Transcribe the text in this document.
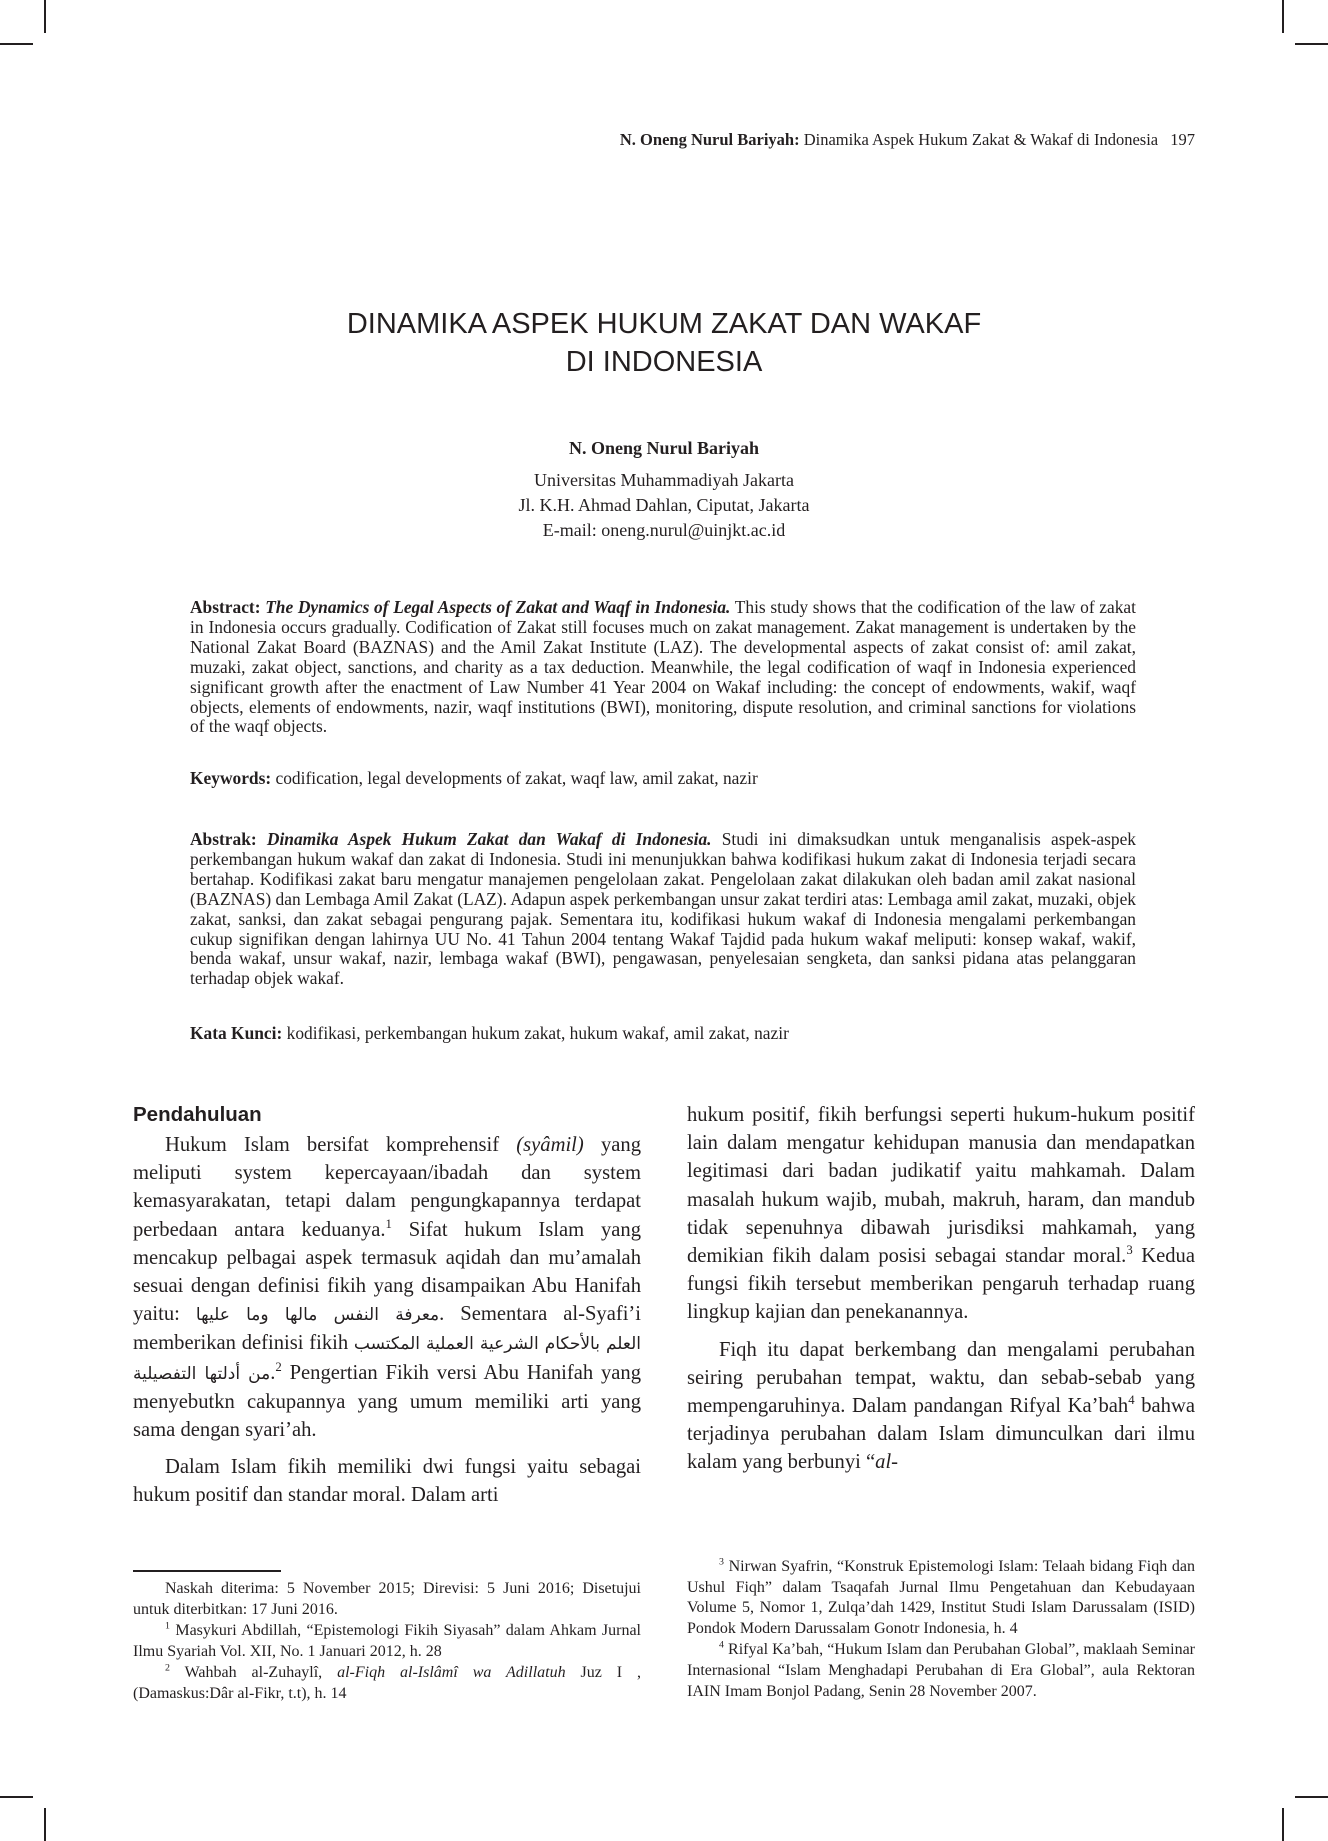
N. Oneng Nurul Bariyah: Dinamika Aspek Hukum Zakat & Wakaf di Indonesia 197
DINAMIKA ASPEK HUKUM ZAKAT DAN WAKAF
DI INDONESIA
N. Oneng Nurul Bariyah
Universitas Muhammadiyah Jakarta
Jl. K.H. Ahmad Dahlan, Ciputat, Jakarta
E-mail: oneng.nurul@uinjkt.ac.id
Abstract: The Dynamics of Legal Aspects of Zakat and Waqf in Indonesia. This study shows that the codification of the law of zakat in Indonesia occurs gradually. Codification of Zakat still focuses much on zakat management. Zakat management is undertaken by the National Zakat Board (BAZNAS) and the Amil Zakat Institute (LAZ). The developmental aspects of zakat consist of: amil zakat, muzaki, zakat object, sanctions, and charity as a tax deduction. Meanwhile, the legal codification of waqf in Indonesia experienced significant growth after the enactment of Law Number 41 Year 2004 on Wakaf including: the concept of endowments, wakif, waqf objects, elements of endowments, nazir, waqf institutions (BWI), monitoring, dispute resolution, and criminal sanctions for violations of the waqf objects.
Keywords: codification, legal developments of zakat, waqf law, amil zakat, nazir
Abstrak: Dinamika Aspek Hukum Zakat dan Wakaf di Indonesia. Studi ini dimaksudkan untuk menganalisis aspek-aspek perkembangan hukum wakaf dan zakat di Indonesia. Studi ini menunjukkan bahwa kodifikasi hukum zakat di Indonesia terjadi secara bertahap. Kodifikasi zakat baru mengatur manajemen pengelolaan zakat. Pengelolaan zakat dilakukan oleh badan amil zakat nasional (BAZNAS) dan Lembaga Amil Zakat (LAZ). Adapun aspek perkembangan unsur zakat terdiri atas: Lembaga amil zakat, muzaki, objek zakat, sanksi, dan zakat sebagai pengurang pajak. Sementara itu, kodifikasi hukum wakaf di Indonesia mengalami perkembangan cukup signifikan dengan lahirnya UU No. 41 Tahun 2004 tentang Wakaf Tajdid pada hukum wakaf meliputi: konsep wakaf, wakif, benda wakaf, unsur wakaf, nazir, lembaga wakaf (BWI), pengawasan, penyelesaian sengketa, dan sanksi pidana atas pelanggaran terhadap objek wakaf.
Kata Kunci: kodifikasi, perkembangan hukum zakat, hukum wakaf, amil zakat, nazir
Pendahuluan

Hukum Islam bersifat komprehensif (syâmil) yang meliputi system kepercayaan/ibadah dan system kemasyarakatan, tetapi dalam pengungkapannya terdapat perbedaan antara keduanya.$^1$ Sifat hukum Islam yang mencakup pelbagai aspek termasuk aqidah dan mu’amalah sesuai dengan definisi fikih yang disampaikan Abu Hanifah yaitu: معرفة النفس مالها وما عليها. Sementara al-Syafi’i memberikan definisi fikih العلم بالأحكام الشرعية العملية المكتسب من أدلتها التفصيلية.$^2$ Pengertian Fikih versi Abu Hanifah yang menyebutkn cakupannya yang umum memiliki arti yang sama dengan syari’ah.

Dalam Islam fikih memiliki dwi fungsi yaitu sebagai hukum positif dan standar moral. Dalam arti

hukum positif, fikih berfungsi seperti hukum-hukum positif lain dalam mengatur kehidupan manusia dan mendapatkan legitimasi dari badan judikatif yaitu mahkamah. Dalam masalah hukum wajib, mubah, makruh, haram, dan mandub tidak sepenuhnya dibawah jurisdiksi mahkamah, yang demikian fikih dalam posisi sebagai standar moral.$^3$ Kedua fungsi fikih tersebut memberikan pengaruh terhadap ruang lingkup kajian dan penekanannya.

Fiqh itu dapat berkembang dan mengalami perubahan seiring perubahan tempat, waktu, dan sebab-sebab yang mempengaruhinya. Dalam pandangan Rifyal Ka’bah$^4$ bahwa terjadinya perubahan dalam Islam dimunculkan dari ilmu kalam yang berbunyi “al-

Naskah diterima: 5 November 2015; Direvisi: 5 Juni 2016; Disetujui untuk diterbitkan: 17 Juni 2016.

$^1$ Masykuri Abdillah, “Epistemologi Fikih Siyasah” dalam Ahkam Jurnal Ilmu Syariah Vol. XII, No. 1 Januari 2012, h. 28

$^2$ Wahbah al-Zuhaylî, al-Fiqh al-Islâmî wa Adillatuh Juz I , (Damaskus:Dâr al-Fikr, t.t), h. 14

$^3$ Nirwan Syafrin, “Konstruk Epistemologi Islam: Telaah bidang Fiqh dan Ushul Fiqh” dalam Tsaqafah Jurnal Ilmu Pengetahuan dan Kebudayaan Volume 5, Nomor 1, Zulqa’dah 1429, Institut Studi Islam Darussalam (ISID) Pondok Modern Darussalam Gonotr Indonesia, h. 4

$^4$ Rifyal Ka’bah, “Hukum Islam dan Perubahan Global”, maklaah Seminar Internasional “Islam Menghadapi Perubahan di Era Global”, aula Rektoran IAIN Imam Bonjol Padang, Senin 28 November 2007.
